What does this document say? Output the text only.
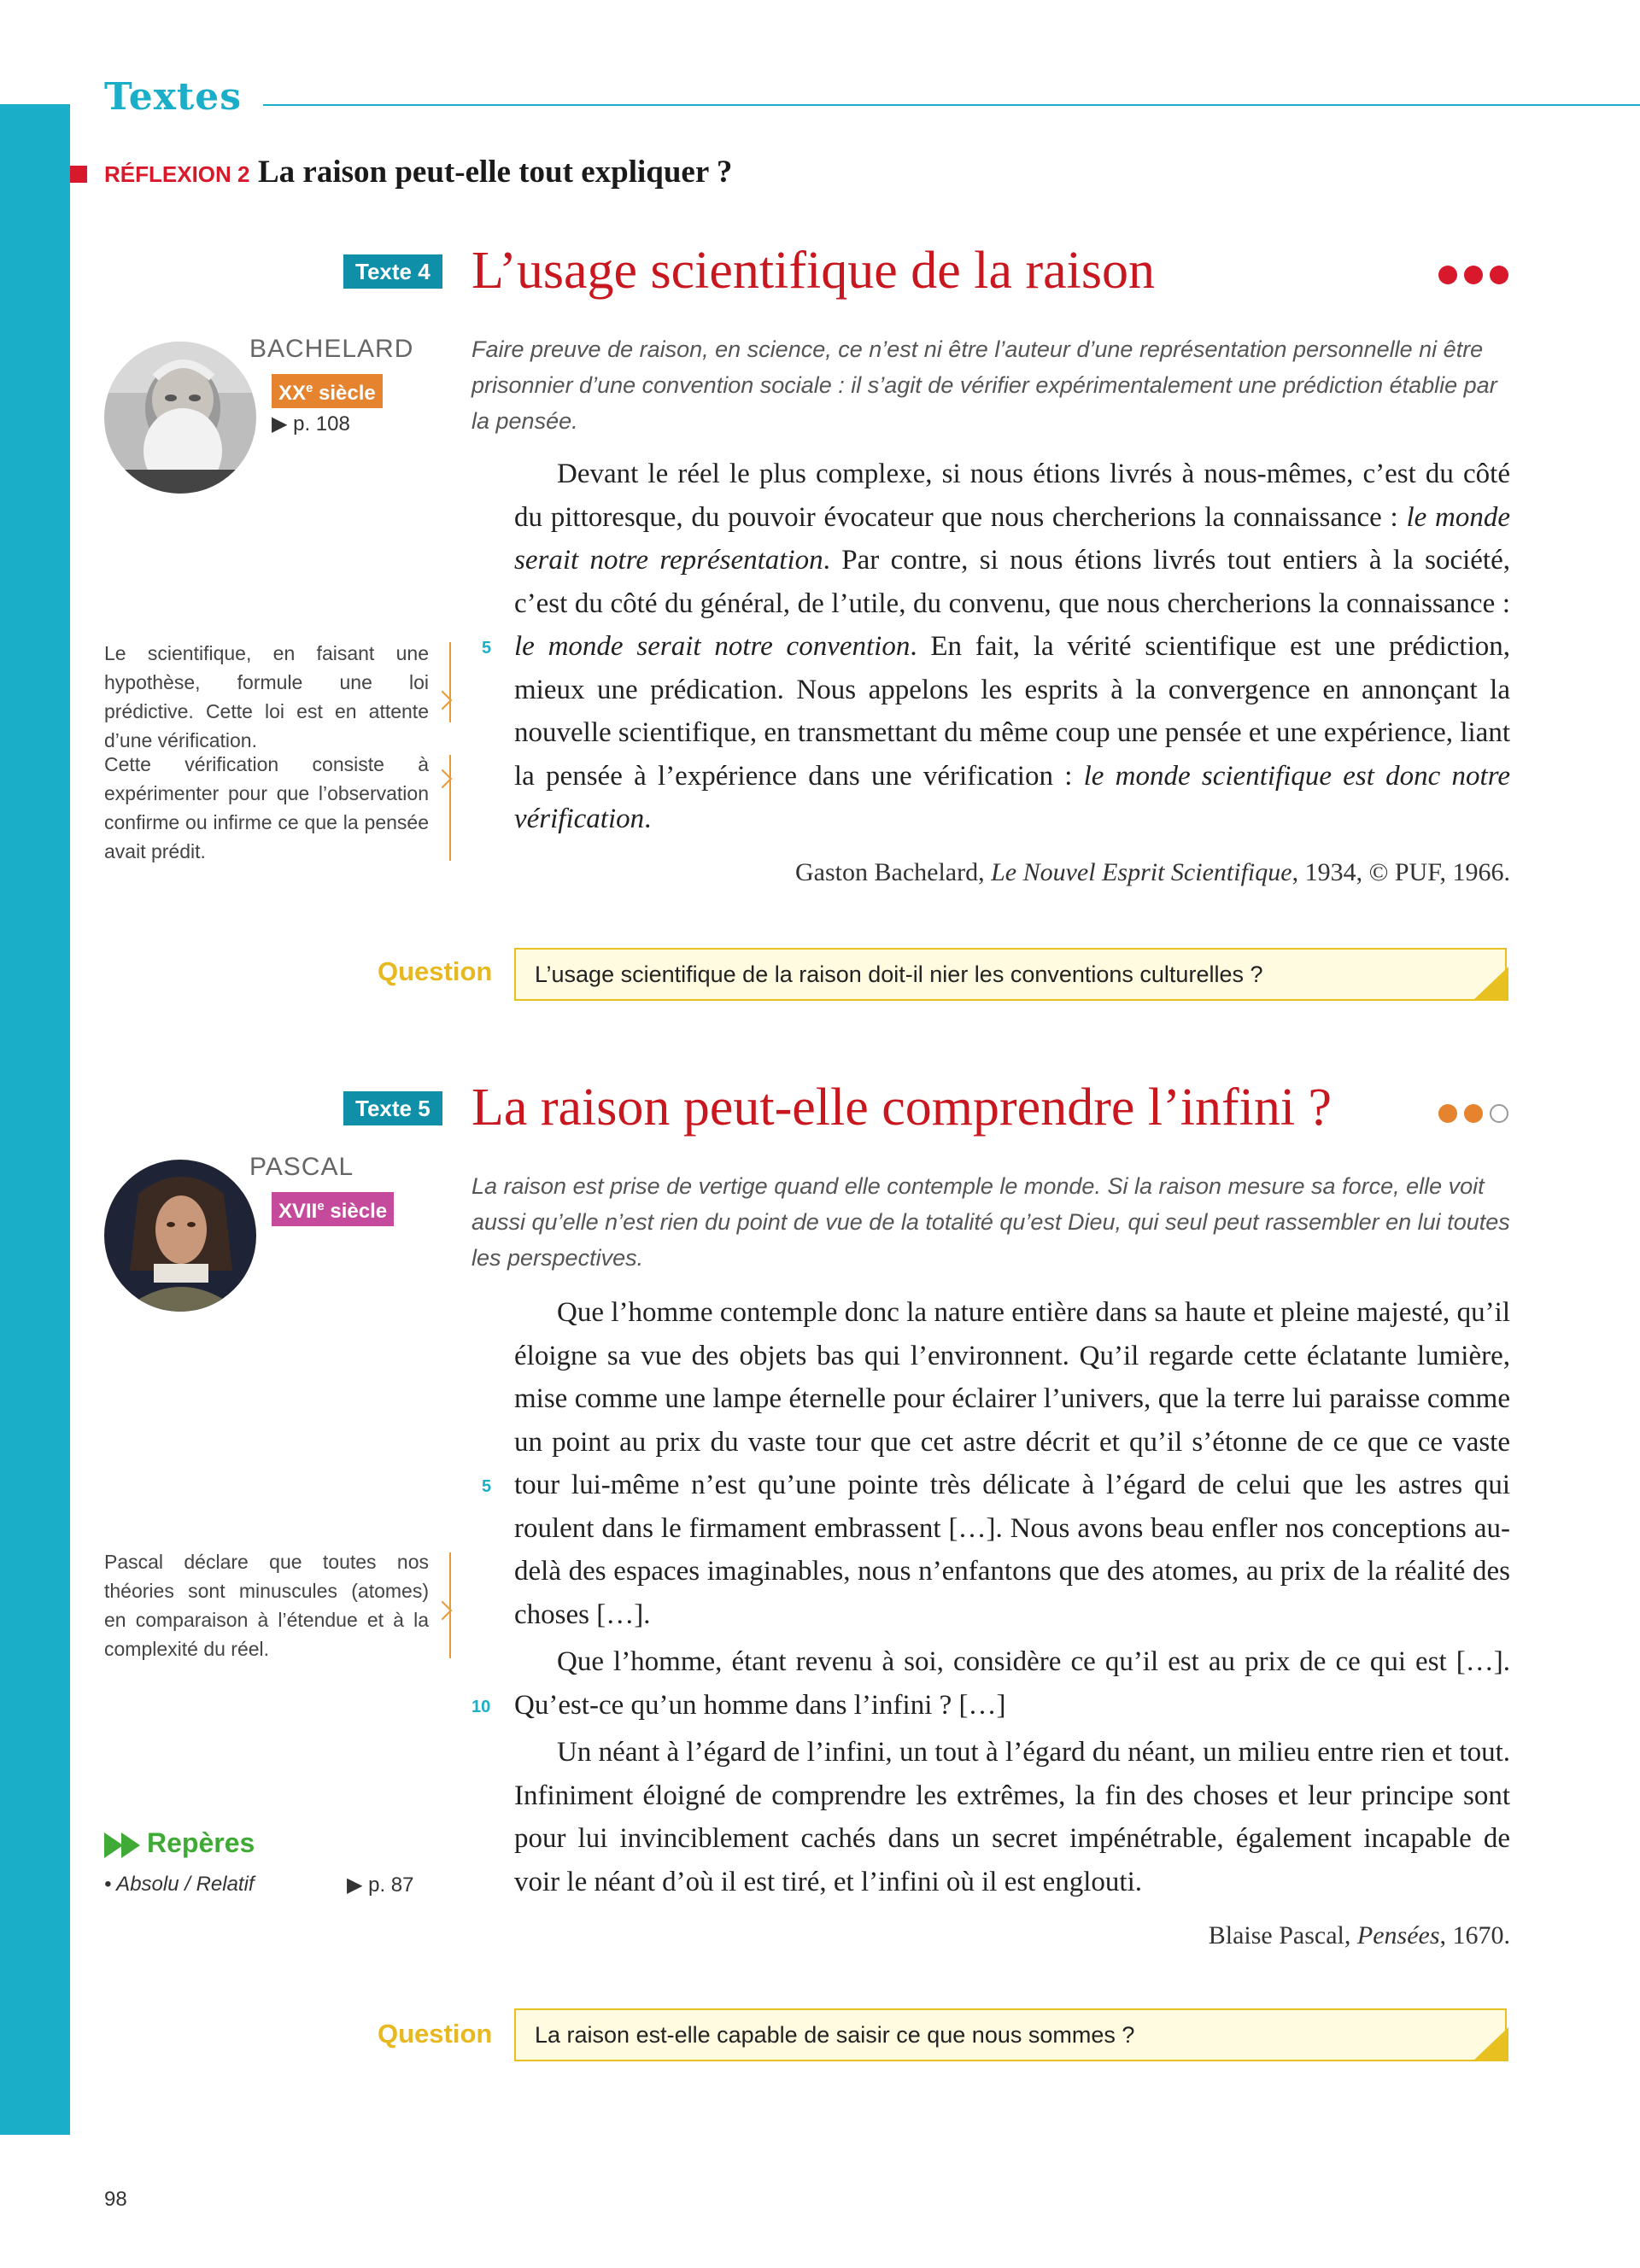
Textes
RÉFLEXION 2 La raison peut-elle tout expliquer ?
Texte 4 L’usage scientifique de la raison
BACHELARD
XXe siècle
▶ p. 108
Faire preuve de raison, en science, ce n’est ni être l’auteur d’une représentation personnelle ni être prisonnier d’une convention sociale : il s’agit de vérifier expérimentalement une prédiction établie par la pensée.

Devant le réel le plus complexe, si nous étions livrés à nous-mêmes, c’est du côté du pittoresque, du pouvoir évocateur que nous chercherions la connaissance : le monde serait notre représentation. Par contre, si nous étions livrés tout entiers à la société, c’est du côté du général, de l’utile, du convenu, que nous chercherions la connaissance : le monde serait notre convention. En fait, la vérité scientifique est une prédiction, mieux une prédication. Nous appelons les esprits à la convergence en annonçant la nouvelle scientifique, en transmettant du même coup une pensée et une expérience, liant la pensée à l’expérience dans une vérification : le monde scientifique est donc notre vérification.

5
Gaston Bachelard, Le Nouvel Esprit Scientifique, 1934, © PUF, 1966.
Le scientifique, en faisant une hypothèse, formule une loi prédictive. Cette loi est en attente d’une vérification.
Cette vérification consiste à expérimenter pour que l’observation confirme ou infirme ce que la pensée avait prédit.
Question	L’usage scientifique de la raison doit-il nier les conventions culturelles ?
Texte 5 La raison peut-elle comprendre l’infini ?
PASCAL
XVIIe siècle
La raison est prise de vertige quand elle contemple le monde. Si la raison mesure sa force, elle voit aussi qu’elle n’est rien du point de vue de la totalité qu’est Dieu, qui seul peut rassembler en lui toutes les perspectives.

Que l’homme contemple donc la nature entière dans sa haute et pleine majesté, qu’il éloigne sa vue des objets bas qui l’environnent. Qu’il regarde cette éclatante lumière, mise comme une lampe éternelle pour éclairer l’univers, que la terre lui paraisse comme un point au prix du vaste tour que cet astre décrit et qu’il s’étonne de ce que ce vaste tour lui-même n’est qu’une pointe très délicate à l’égard de celui que les astres qui roulent dans le firmament embrassent […]. Nous avons beau enfler nos conceptions au-delà des espaces imaginables, nous n’enfantons que des atomes, au prix de la réalité des choses […].

Que l’homme, étant revenu à soi, considère ce qu’il est au prix de ce qui est […]. Qu’est-ce qu’un homme dans l’infini ? […]

Un néant à l’égard de l’infini, un tout à l’égard du néant, un milieu entre rien et tout. Infiniment éloigné de comprendre les extrêmes, la fin des choses et leur principe sont pour lui invinciblement cachés dans un secret impénétrable, également incapable de voir le néant d’où il est tiré, et l’infini où il est englouti.

5
10
Blaise Pascal, Pensées, 1670.
Pascal déclare que toutes nos théories sont minuscules (atomes) en comparaison à l’étendue et à la complexité du réel.
Repères
• Absolu / Relatif	▶ p. 87
Question	La raison est-elle capable de saisir ce que nous sommes ?
98
